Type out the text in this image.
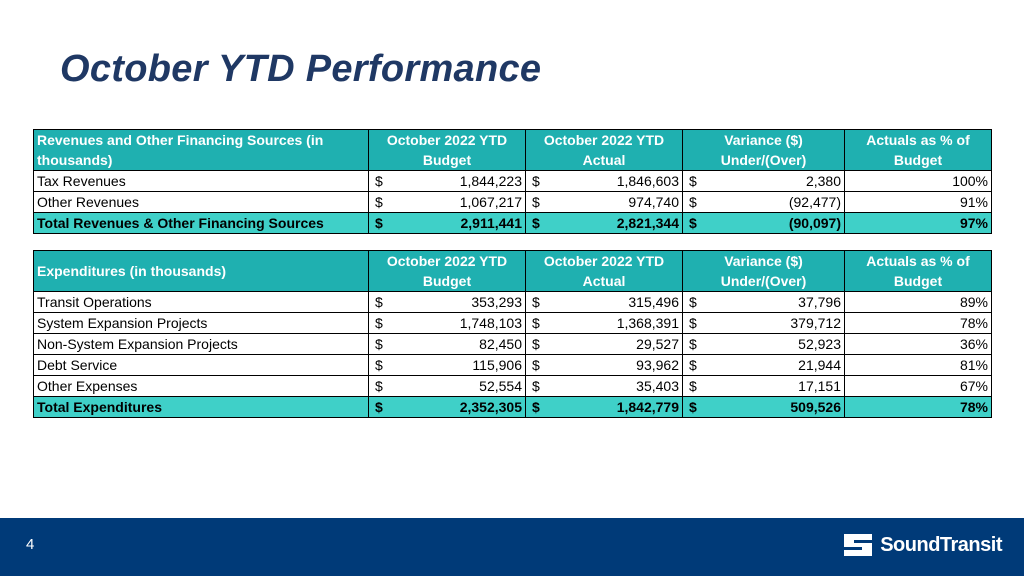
October YTD Performance
Revenues and Other Financing Sources (in thousands)	October 2022 YTD Budget		October 2022 YTD Actual		Variance ($) Under/(Over)		Actuals as % of Budget
Tax Revenues	$	1,844,223	$	1,846,603	$	2,380	100%
Other Revenues	$	1,067,217	$	974,740	$	(92,477)	91%
Total Revenues & Other Financing Sources	$	2,911,441	$	2,821,344	$	(90,097)	97%
Expenditures (in thousands)	October 2022 YTD Budget		October 2022 YTD Actual		Variance ($) Under/(Over)		Actuals as % of Budget
Transit Operations	$	353,293	$	315,496	$	37,796	89%
System Expansion Projects	$	1,748,103	$	1,368,391	$	379,712	78%
Non-System Expansion Projects	$	82,450	$	29,527	$	52,923	36%
Debt Service	$	115,906	$	93,962	$	21,944	81%
Other Expenses	$	52,554	$	35,403	$	17,151	67%
Total Expenditures	$	2,352,305	$	1,842,779	$	509,526	78%
4	SoundTransit
